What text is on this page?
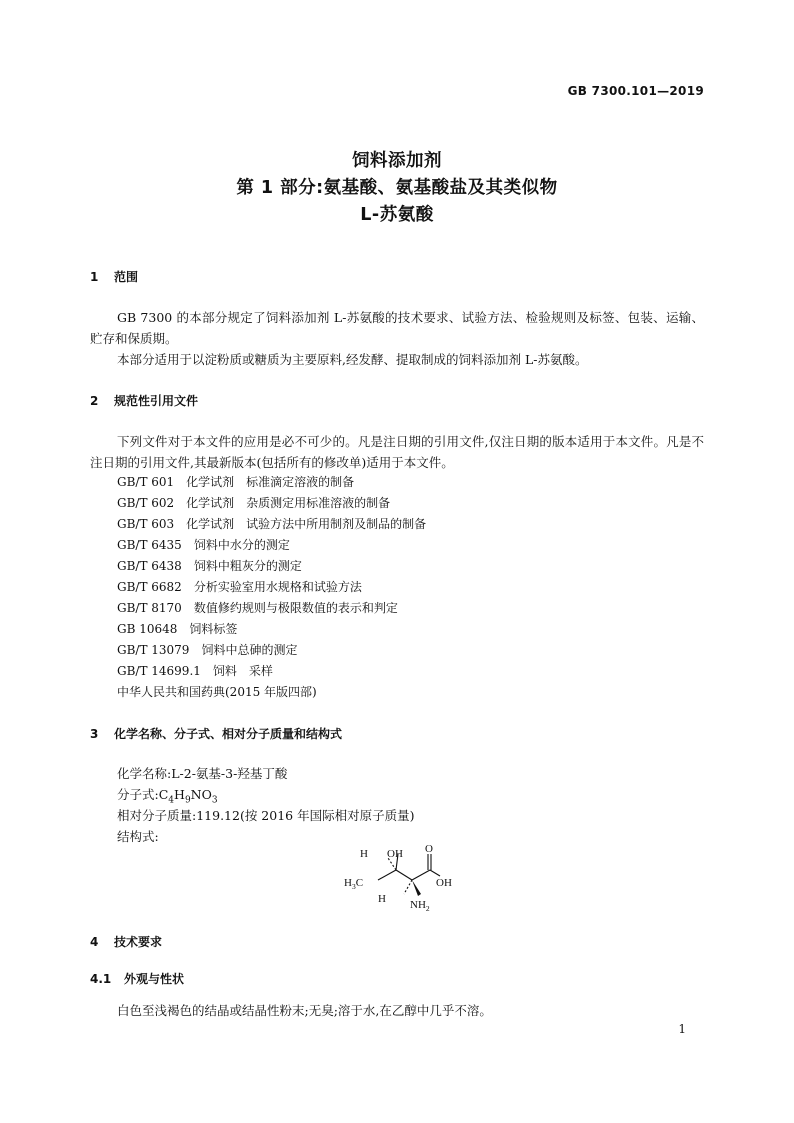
GB 7300.101—2019
饲料添加剂
第 1 部分:氨基酸、氨基酸盐及其类似物
L-苏氨酸
1 范围
GB 7300 的本部分规定了饲料添加剂 L-苏氨酸的技术要求、试验方法、检验规则及标签、包装、运输、贮存和保质期。
本部分适用于以淀粉质或糖质为主要原料,经发酵、提取制成的饲料添加剂 L-苏氨酸。
2 规范性引用文件
下列文件对于本文件的应用是必不可少的。凡是注日期的引用文件,仅注日期的版本适用于本文件。凡是不注日期的引用文件,其最新版本(包括所有的修改单)适用于本文件。
GB/T 601 化学试剂　标准滴定溶液的制备
GB/T 602 化学试剂　杂质测定用标准溶液的制备
GB/T 603 化学试剂　试验方法中所用制剂及制品的制备
GB/T 6435 饲料中水分的测定
GB/T 6438 饲料中粗灰分的测定
GB/T 6682 分析实验室用水规格和试验方法
GB/T 8170 数值修约规则与极限数值的表示和判定
GB 10648 饲料标签
GB/T 13079 饲料中总砷的测定
GB/T 14699.1 饲料　采样
中华人民共和国药典(2015 年版四部)
3 化学名称、分子式、相对分子质量和结构式
化学名称:L-2-氨基-3-羟基丁酸
分子式$:C_4H_9NO_3$
相对分子质量:119.12(按 2016 年国际相对原子质量)
结构式:
H OH O
$H_3C$	OH
H $NH_2$
4 技术要求
4.1 外观与性状
白色至浅褐色的结晶或结晶性粉末;无臭;溶于水,在乙醇中几乎不溶。
1
